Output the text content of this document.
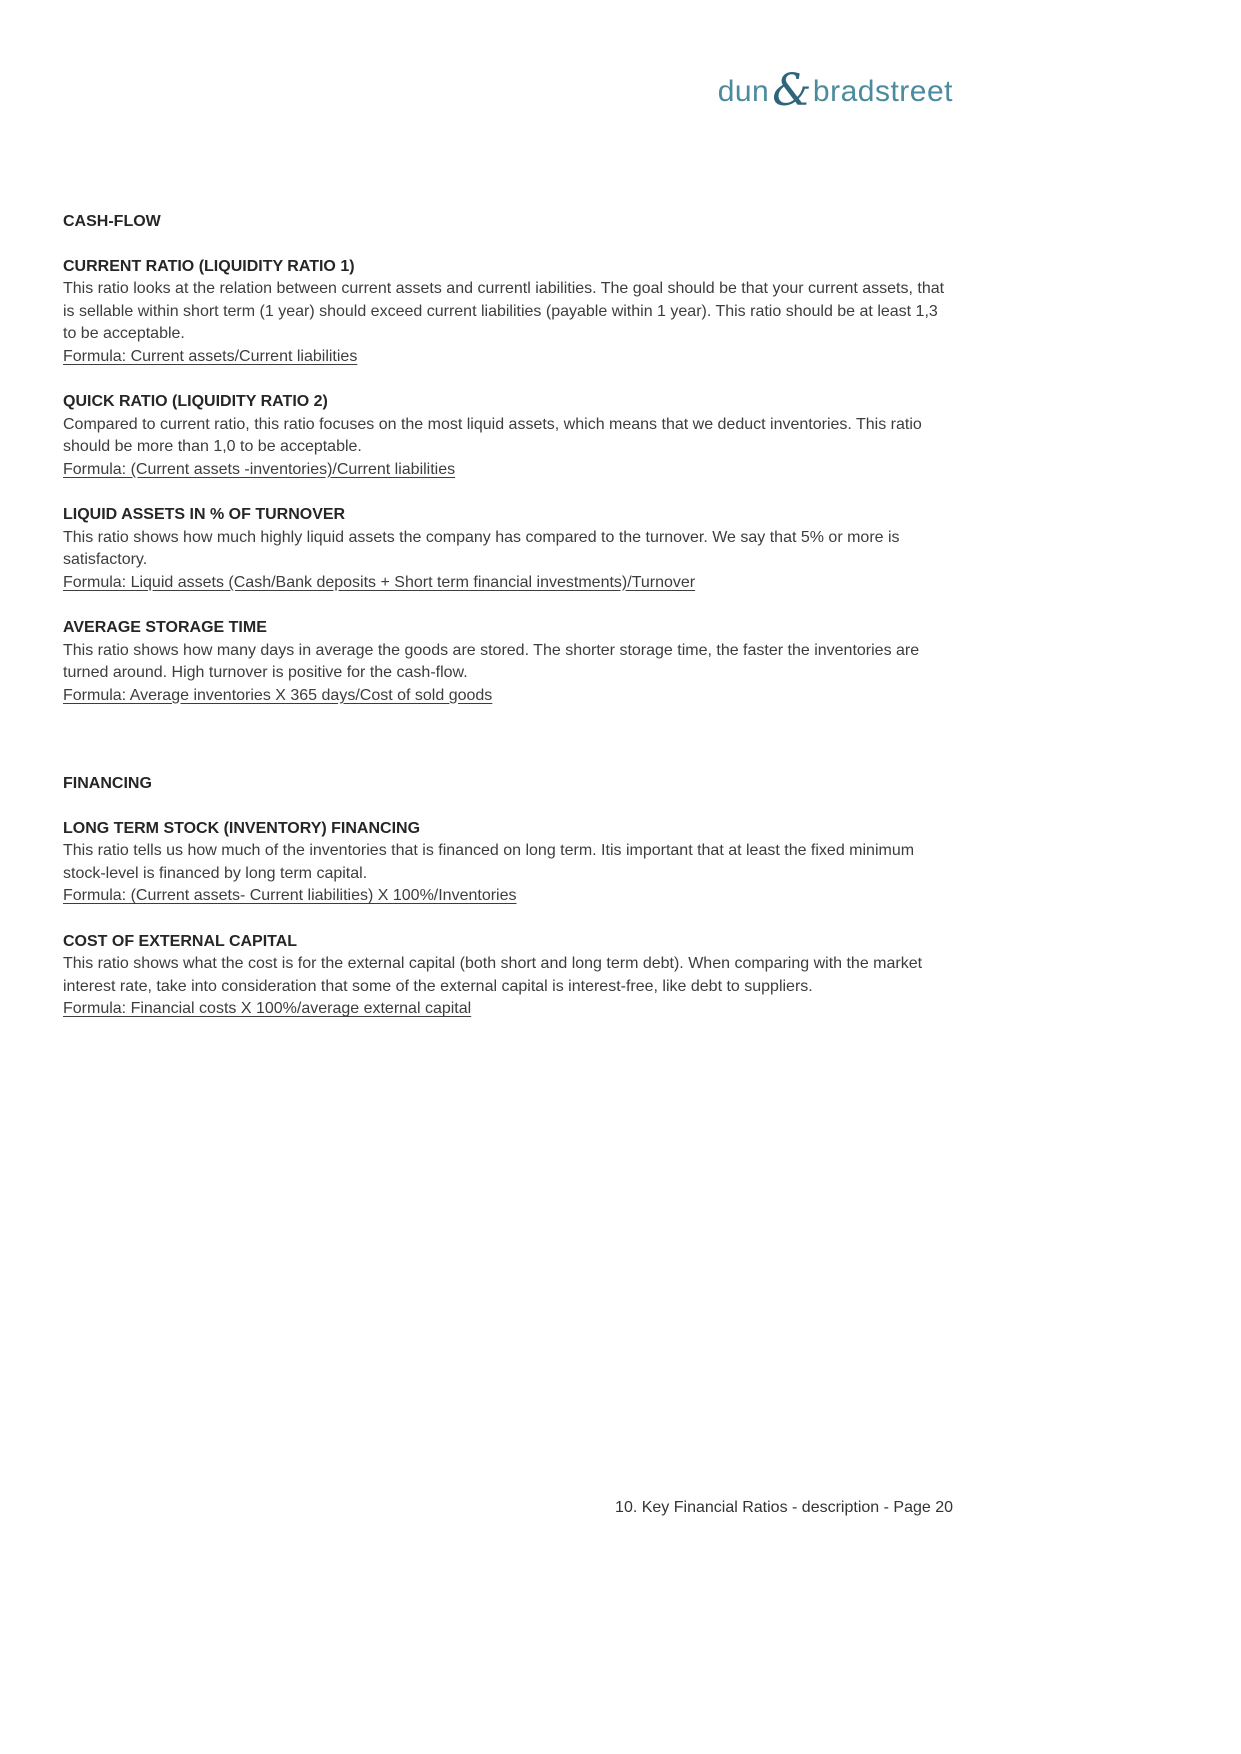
dun&bradstreet
CASH-FLOW
CURRENT RATIO (LIQUIDITY RATIO 1)

This ratio looks at the relation between current assets and currentl iabilities. The goal should be that your current assets, that is sellable within short term (1 year) should exceed current liabilities (payable within 1 year). This ratio should be at least 1,3 to be acceptable.

Formula: Current assets/Current liabilities

QUICK RATIO (LIQUIDITY RATIO 2)

Compared to current ratio, this ratio focuses on the most liquid assets, which means that we deduct inventories. This ratio should be more than 1,0 to be acceptable.

Formula: (Current assets -inventories)/Current liabilities

LIQUID ASSETS IN % OF TURNOVER

This ratio shows how much highly liquid assets the company has compared to the turnover. We say that 5% or more is satisfactory.

Formula: Liquid assets (Cash/Bank deposits + Short term financial investments)/Turnover

AVERAGE STORAGE TIME

This ratio shows how many days in average the goods are stored. The shorter storage time, the faster the inventories are turned around. High turnover is positive for the cash-flow.

Formula: Average inventories X 365 days/Cost of sold goods

FINANCING
LONG TERM STOCK (INVENTORY) FINANCING

This ratio tells us how much of the inventories that is financed on long term. Itis important that at least the fixed minimum stock-level is financed by long term capital.

Formula: (Current assets- Current liabilities) X 100%/Inventories

COST OF EXTERNAL CAPITAL

This ratio shows what the cost is for the external capital (both short and long term debt). When comparing with the market interest rate, take into consideration that some of the external capital is interest-free, like debt to suppliers.

Formula: Financial costs X 100%/average external capital

10. Key Financial Ratios - description - Page 20
